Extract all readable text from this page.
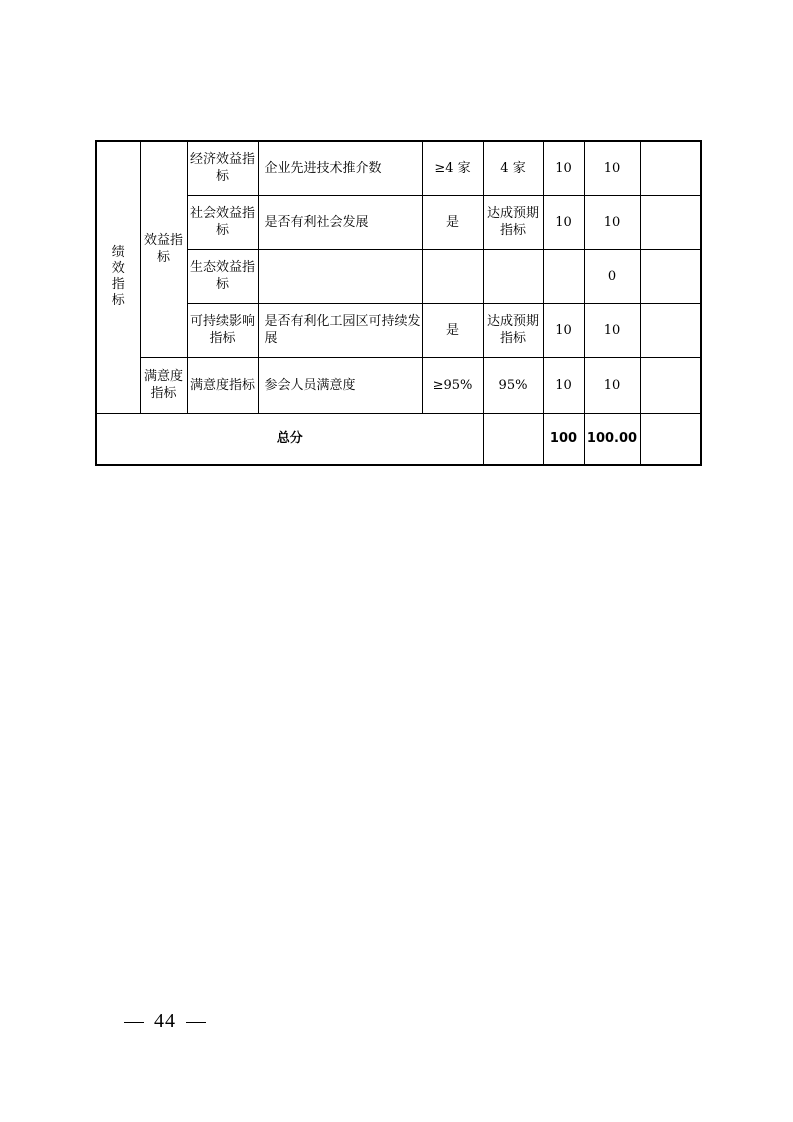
绩效指标	效益指标	经济效益指标	企业先进技术推介数	≥4 家	4 家	10	10	
		社会效益指标	是否有利社会发展	是	达成预期指标	10	10	
		生态效益指标					0	
		可持续影响指标	是否有利化工园区可持续发展	是	达成预期指标	10	10	
	满意度指标	满意度指标	参会人员满意度	≥95%	95%	10	10	
总分						100	100.00	
44
